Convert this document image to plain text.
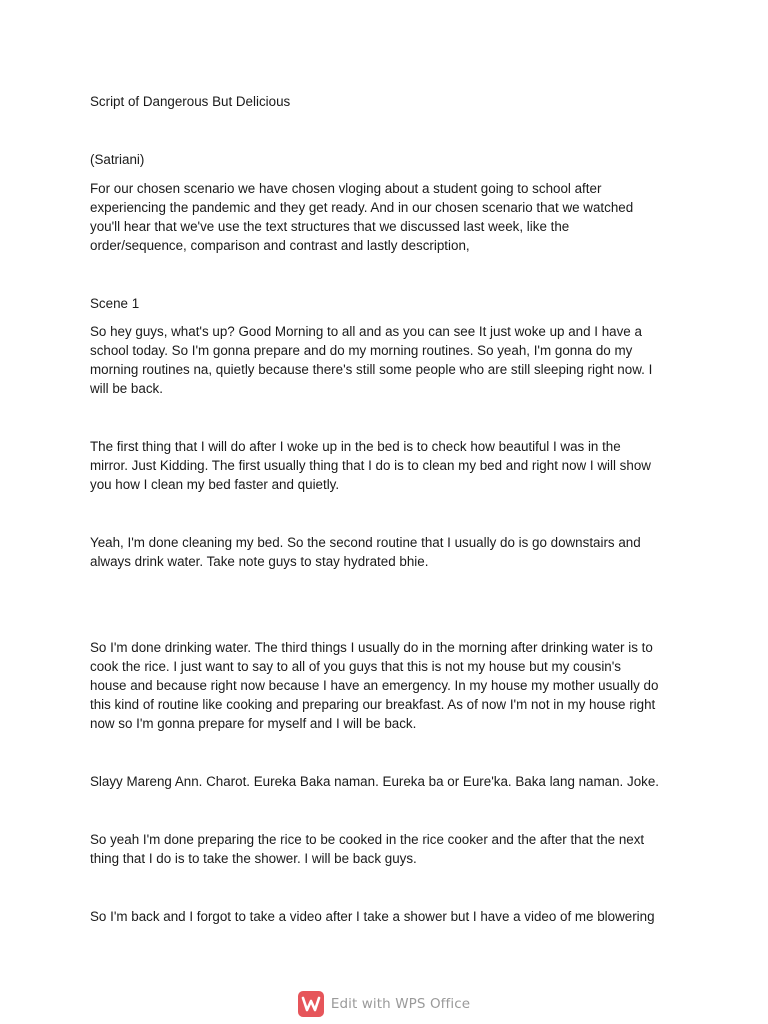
Script of Dangerous But Delicious

(Satriani)

For our chosen scenario we have chosen vloging about a student going to school after
experiencing the pandemic and they get ready. And in our chosen scenario that we watched
you'll hear that we've use the text structures that we discussed last week, like the
order/sequence, comparison and contrast and lastly description,

Scene 1

So hey guys, what's up? Good Morning to all and as you can see It just woke up and I have a
school today. So I'm gonna prepare and do my morning routines. So yeah, I'm gonna do my
morning routines na, quietly because there's still some people who are still sleeping right now. I
will be back.
The first thing that I will do after I woke up in the bed is to check how beautiful I was in the
mirror. Just Kidding. The first usually thing that I do is to clean my bed and right now I will show
you how I clean my bed faster and quietly.
Yeah, I'm done cleaning my bed. So the second routine that I usually do is go downstairs and
always drink water. Take note guys to stay hydrated bhie.
So I'm done drinking water. The third things I usually do in the morning after drinking water is to
cook the rice. I just want to say to all of you guys that this is not my house but my cousin's
house and because right now because I have an emergency. In my house my mother usually do
this kind of routine like cooking and preparing our breakfast. As of now I'm not in my house right
now so I'm gonna prepare for myself and I will be back.
Slayy Mareng Ann. Charot. Eureka Baka naman. Eureka ba or Eure'ka. Baka lang naman. Joke.
So yeah I'm done preparing the rice to be cooked in the rice cooker and the after that the next
thing that I do is to take the shower. I will be back guys.
So I'm back and I forgot to take a video after I take a shower but I have a video of me blowering
Edit with WPS Office
